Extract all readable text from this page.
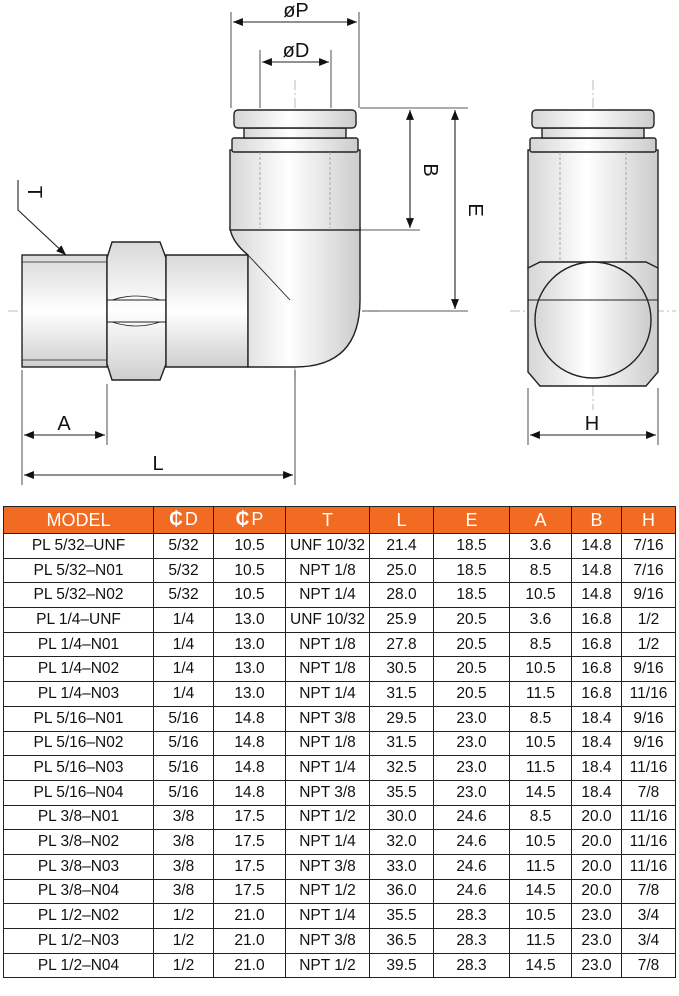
øP
øD
B
E
T
A
L
H
MODEL	₵ D	₵ P	T	L	E	A	B	H
PL 5/32–UNF	5/32	10.5	UNF 10/32	21.4	18.5	3.6	14.8	7/16
PL 5/32–N01	5/32	10.5	NPT 1/8	25.0	18.5	8.5	14.8	7/16
PL 5/32–N02	5/32	10.5	NPT 1/4	28.0	18.5	10.5	14.8	9/16
PL 1/4–UNF	1/4	13.0	UNF 10/32	25.9	20.5	3.6	16.8	1/2
PL 1/4–N01	1/4	13.0	NPT 1/8	27.8	20.5	8.5	16.8	1/2
PL 1/4–N02	1/4	13.0	NPT 1/8	30.5	20.5	10.5	16.8	9/16
PL 1/4–N03	1/4	13.0	NPT 1/4	31.5	20.5	11.5	16.8	11/16
PL 5/16–N01	5/16	14.8	NPT 3/8	29.5	23.0	8.5	18.4	9/16
PL 5/16–N02	5/16	14.8	NPT 1/8	31.5	23.0	10.5	18.4	9/16
PL 5/16–N03	5/16	14.8	NPT 1/4	32.5	23.0	11.5	18.4	11/16
PL 5/16–N04	5/16	14.8	NPT 3/8	35.5	23.0	14.5	18.4	7/8
PL 3/8–N01	3/8	17.5	NPT 1/2	30.0	24.6	8.5	20.0	11/16
PL 3/8–N02	3/8	17.5	NPT 1/4	32.0	24.6	10.5	20.0	11/16
PL 3/8–N03	3/8	17.5	NPT 3/8	33.0	24.6	11.5	20.0	11/16
PL 3/8–N04	3/8	17.5	NPT 1/2	36.0	24.6	14.5	20.0	7/8
PL 1/2–N02	1/2	21.0	NPT 1/4	35.5	28.3	10.5	23.0	3/4
PL 1/2–N03	1/2	21.0	NPT 3/8	36.5	28.3	11.5	23.0	3/4
PL 1/2–N04	1/2	21.0	NPT 1/2	39.5	28.3	14.5	23.0	7/8
